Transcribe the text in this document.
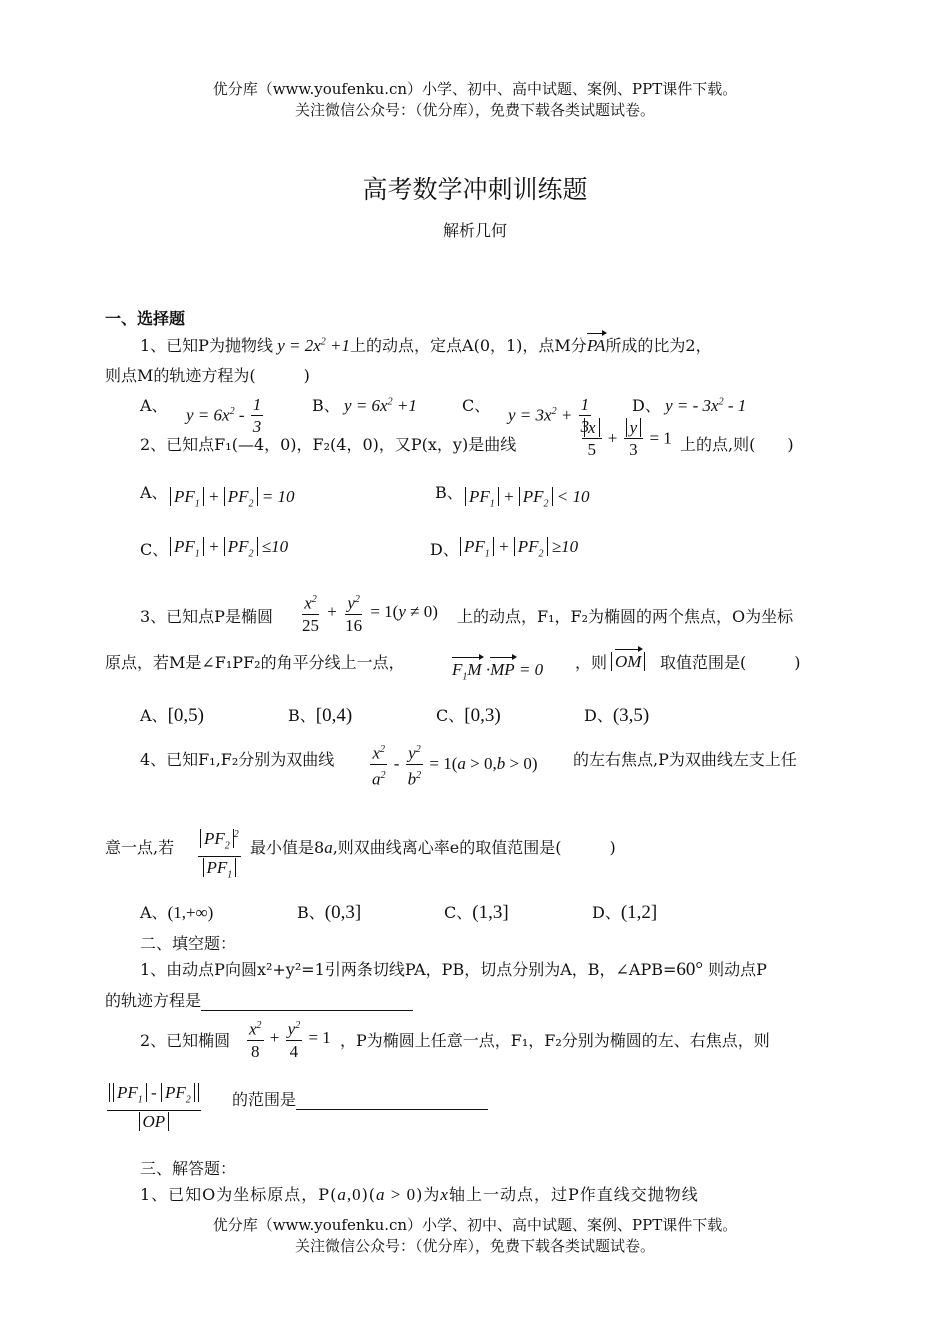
优分库（www.youfenku.cn）小学、初中、高中试题、案例、PPT课件下载。
关注微信公众号：（优分库），免费下载各类试题试卷。
高考数学冲刺训练题
解析几何
一、选择题
1、已知P为抛物线 $y = 2x^2 +1$上的动点，定点A(0，1)，点M分PA所成的比为2，
则点M的轨迹方程为(　　　)
A、 $y = 6x^2 - \frac{1}{3}$	B、 $y = 6x^2 +1$	C、 $y = 3x^2 + \frac{1}{3}$	D、 y = - $3x^2 - 1$
2、已知点F₁(—4，0)，F₂(4，0)，又P(x，y)是曲线	$\frac{x}{5} + \frac{y}{3} = 1$ 上的点,则(　　)
A、 $PF_1 + PF_2 = 10$	B、 $PF_1 + PF_2 < 10$
C、 $PF_1 + PF_2 \le 10$	D、 $PF_1 + PF_2 \ge 10$
3、已知点P是椭圆 $\frac{x^2}{25} + \frac{y^2}{16} = 1(y \ne 0)$ 上的动点，F₁，F₂为椭圆的两个焦点，O为坐标
原点，若M是∠F₁PF₂的角平分线上一点，	$F_1M \cdot MP = 0$ ，则 OM 取值范围是(　　　)
A、[0,5)	B、[0,4)	C、[0,3)	D、(3,5)
4、已知F₁,F₂分别为双曲线 $\frac{x^2}{a^2} - \frac{y^2}{b^2} = 1(a > 0,b > 0)$ 的左右焦点,P为双曲线左支上任
意一点,若 $\frac{PF_2^2}{PF_1}$ 最小值是8a,则双曲线离心率e的取值范围是(　　　)
A、(1,+∞)	B、(0,3]	C、(1,3]	D、(1,2]
二、填空题：
1、由动点P向圆x²+y²=1引两条切线PA，PB，切点分别为A，B，∠APB=60° 则动点P
的轨迹方程是
2、已知椭圆 $\frac{x^2}{8} + \frac{y^2}{4} = 1$ ，P为椭圆上任意一点，F₁，F₂分别为椭圆的左、右焦点，则
$\frac{PF_1 - PF_2}{OP}$ 的范围是
三、解答题：
1、已知O为坐标原点，P(a,0)(a > 0)为x轴上一动点，过P作直线交抛物线
优分库（www.youfenku.cn）小学、初中、高中试题、案例、PPT课件下载。
关注微信公众号：（优分库），免费下载各类试题试卷。
